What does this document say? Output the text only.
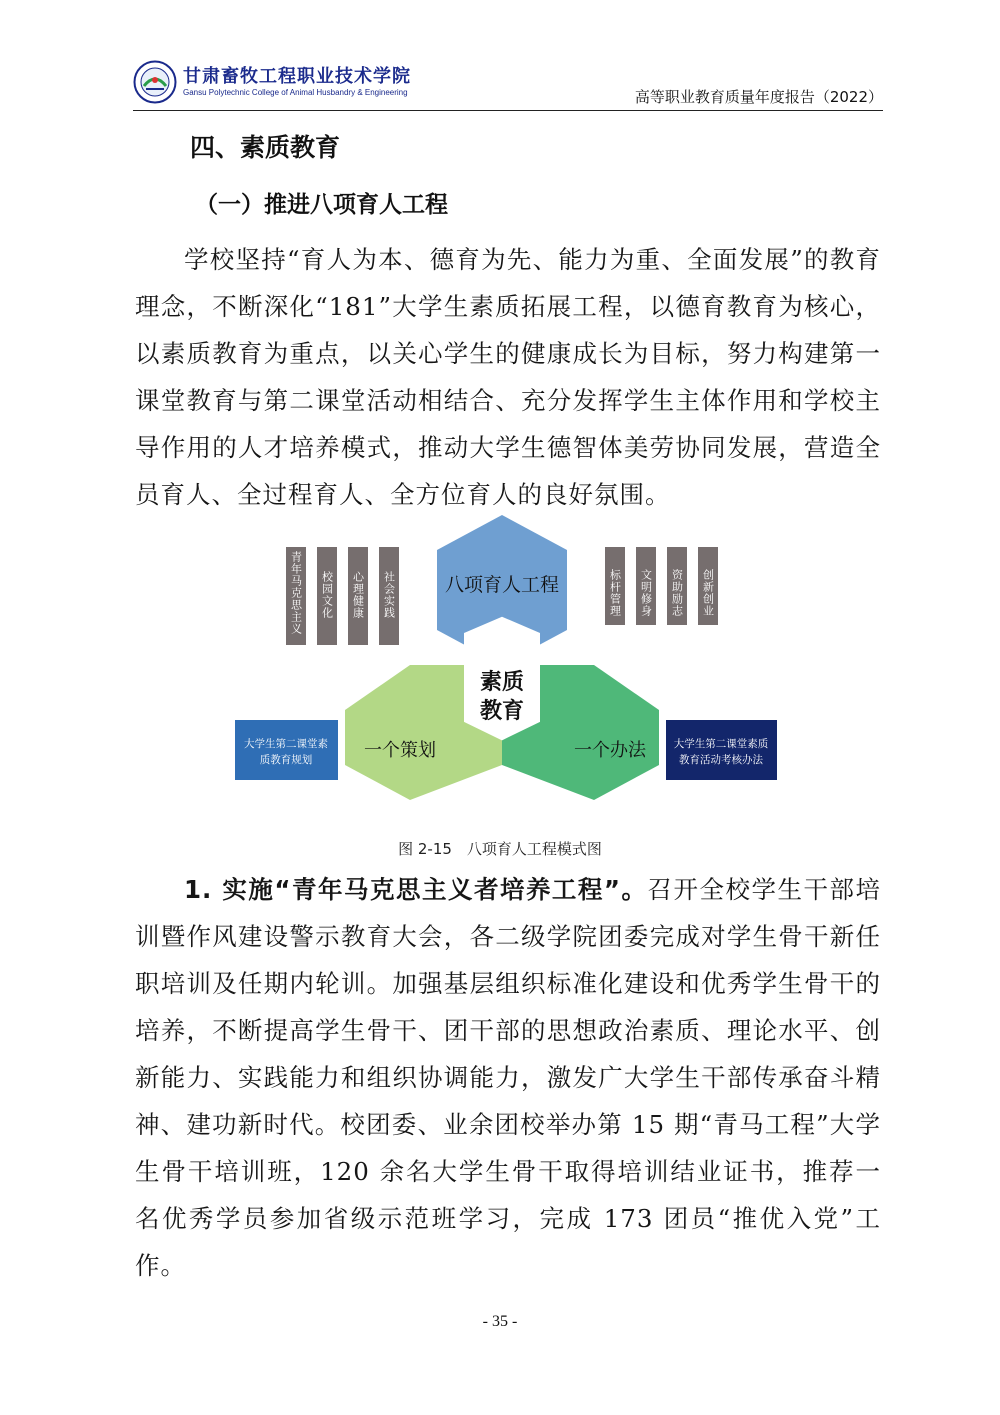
甘肃畜牧工程职业技术学院
Gansu Polytechnic College of Animal Husbandry & Engineering	高等职业教育质量年度报告（2022）
四、素质教育
（一）推进八项育人工程

学校坚持“育人为本、德育为先、能力为重、全面发展”的教育理念，不断深化“181”大学生素质拓展工程，以德育教育为核心，以素质教育为重点，以关心学生的健康成长为目标，努力构建第一课堂教育与第二课堂活动相结合、充分发挥学生主体作用和学校主导作用的人才培养模式，推动大学生德智体美劳协同发展，营造全员育人、全过程育人、全方位育人的良好氛围。

八项育人工程
素质
教育
一个策划	一个办法
青年马克思主义 校园文化 心理健康 社会实践	标杆管理 文明修身 资助励志 创新创业
大学生第二课堂素
质教育规划
大学生第二课堂素质
教育活动考核办法
图 2-15　八项育人工程模式图

1. 实施“青年马克思主义者培养工程”。召开全校学生干部培训暨作风建设警示教育大会，各二级学院团委完成对学生骨干新任职培训及任期内轮训。加强基层组织标准化建设和优秀学生骨干的培养，不断提高学生骨干、团干部的思想政治素质、理论水平、创新能力、实践能力和组织协调能力，激发广大学生干部传承奋斗精神、建功新时代。校团委、业余团校举办第 15 期“青马工程”大学生骨干培训班，120 余名大学生骨干取得培训结业证书，推荐一名优秀学员参加省级示范班学习，完成 173 团员“推优入党”工作。

- 35 -
